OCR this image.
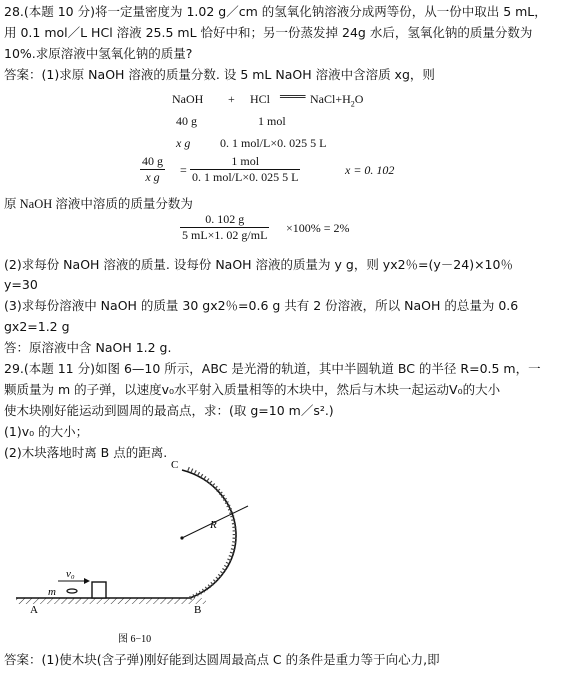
28.(本题 10 分)将一定量密度为 1.02 g／cm 的氢氧化钠溶液分成两等份，从一份中取出 5 mL，
用 0.1 mol／L HCl 溶液 25.5 mL 恰好中和；另一份蒸发掉 24g 水后，氢氧化钠的质量分数为
10%.求原溶液中氢氧化钠的质量?
答案：(1)求原 NaOH 溶液的质量分数. 设 5 mL NaOH 溶液中含溶质 xg，则
NaOH + HCl ═══ $NaCl+H_2O$
40 g	1 mol
x g 0. 1 mol/L×0. 025 5 L
$\frac{40 g}{\text{x g}}$ =
1 mol
0. 1 mol/L×0. 025 5 L	x = 0. 102
原 NaOH 溶液中溶质的质量分数为
$\frac{0. 102 g}{5 mL\times 1. 02 g/mL} \times 100\% = 2\%$
(2)求每份 NaOH 溶液的质量. 设每份 NaOH 溶液的质量为 y g，则 yx2％=(y－24)×10％
y=30
(3)求每份溶液中 NaOH 的质量 30 gx2％=0.6 g 共有 2 份溶液，所以 NaOH 的总量为 0.6
gx2=1.2 g
答：原溶液中含 NaOH 1.2 g.
29.(本题 11 分)如图 6—10 所示，ABC 是光滑的轨道，其中半圆轨道 BC 的半径 R=0.5 m，一
颗质量为 m 的子弹，以速度v₀水平射入质量相等的木块中，然后与木块一起运动V₀的大小
使木块刚好能运动到圆周的最高点，求：(取 g=10 m／s².)
(1)v₀ 的大小；
(2)木块落地时离 B 点的距离.
C
R
v₀
m
A	B
图 6−10
答案：(1)使木块(含子弹)刚好能到达圆周最高点 C 的条件是重力等于向心力,即
